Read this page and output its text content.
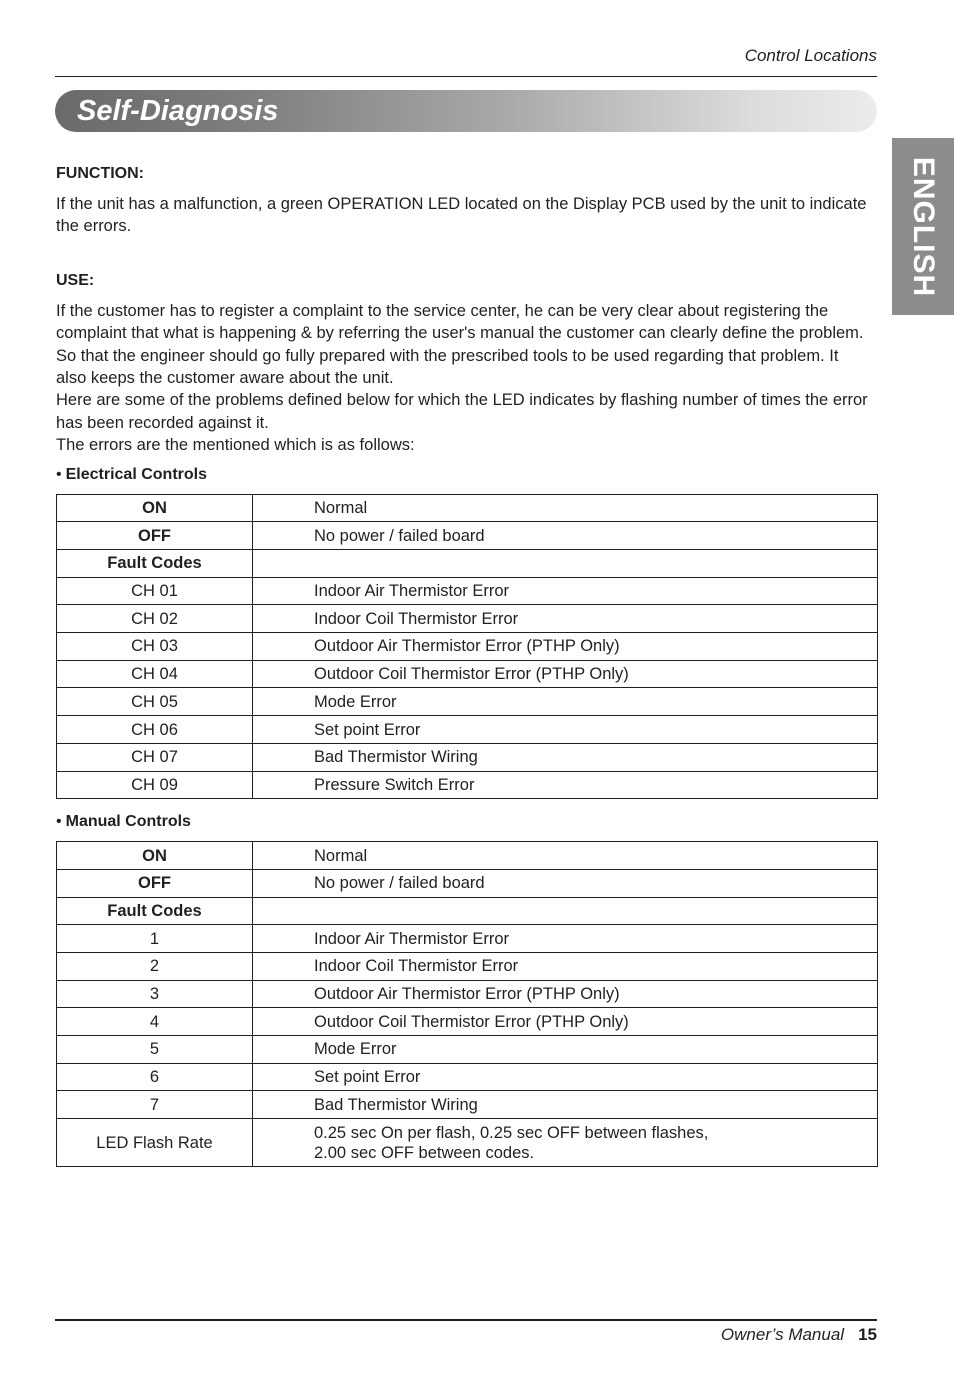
Control Locations
Self-Diagnosis
ENGLISH

FUNCTION:

If the unit has a malfunction, a green OPERATION LED located on the Display PCB used by the unit to indicate the errors.

USE:

If the customer has to register a complaint to the service center, he can be very clear about registering the complaint that what is happening & by referring the user's manual the customer can clearly define the problem.

So that the engineer should go fully prepared with the prescribed tools to be used regarding that problem. It also keeps the customer aware about the unit.

Here are some of the problems defined below for which the LED indicates by flashing number of times the error has been recorded against it.

The errors are the mentioned which is as follows:

• Electrical Controls

ON	Normal
OFF	No power / failed board
Fault Codes	
CH 01	Indoor Air Thermistor Error
CH 02	Indoor Coil Thermistor Error
CH 03	Outdoor Air Thermistor Error (PTHP Only)
CH 04	Outdoor Coil Thermistor Error (PTHP Only)
CH 05	Mode Error
CH 06	Set point Error
CH 07	Bad Thermistor Wiring
CH 09	Pressure Switch Error

• Manual Controls

ON	Normal
OFF	No power / failed board
Fault Codes	
1	Indoor Air Thermistor Error
2	Indoor Coil Thermistor Error
3	Outdoor Air Thermistor Error (PTHP Only)
4	Outdoor Coil Thermistor Error (PTHP Only)
5	Mode Error
6	Set point Error
7	Bad Thermistor Wiring
LED Flash Rate	0.25 sec On per flash, 0.25 sec OFF between flashes,
2.00 sec OFF between codes.
Owner’s Manual 15
